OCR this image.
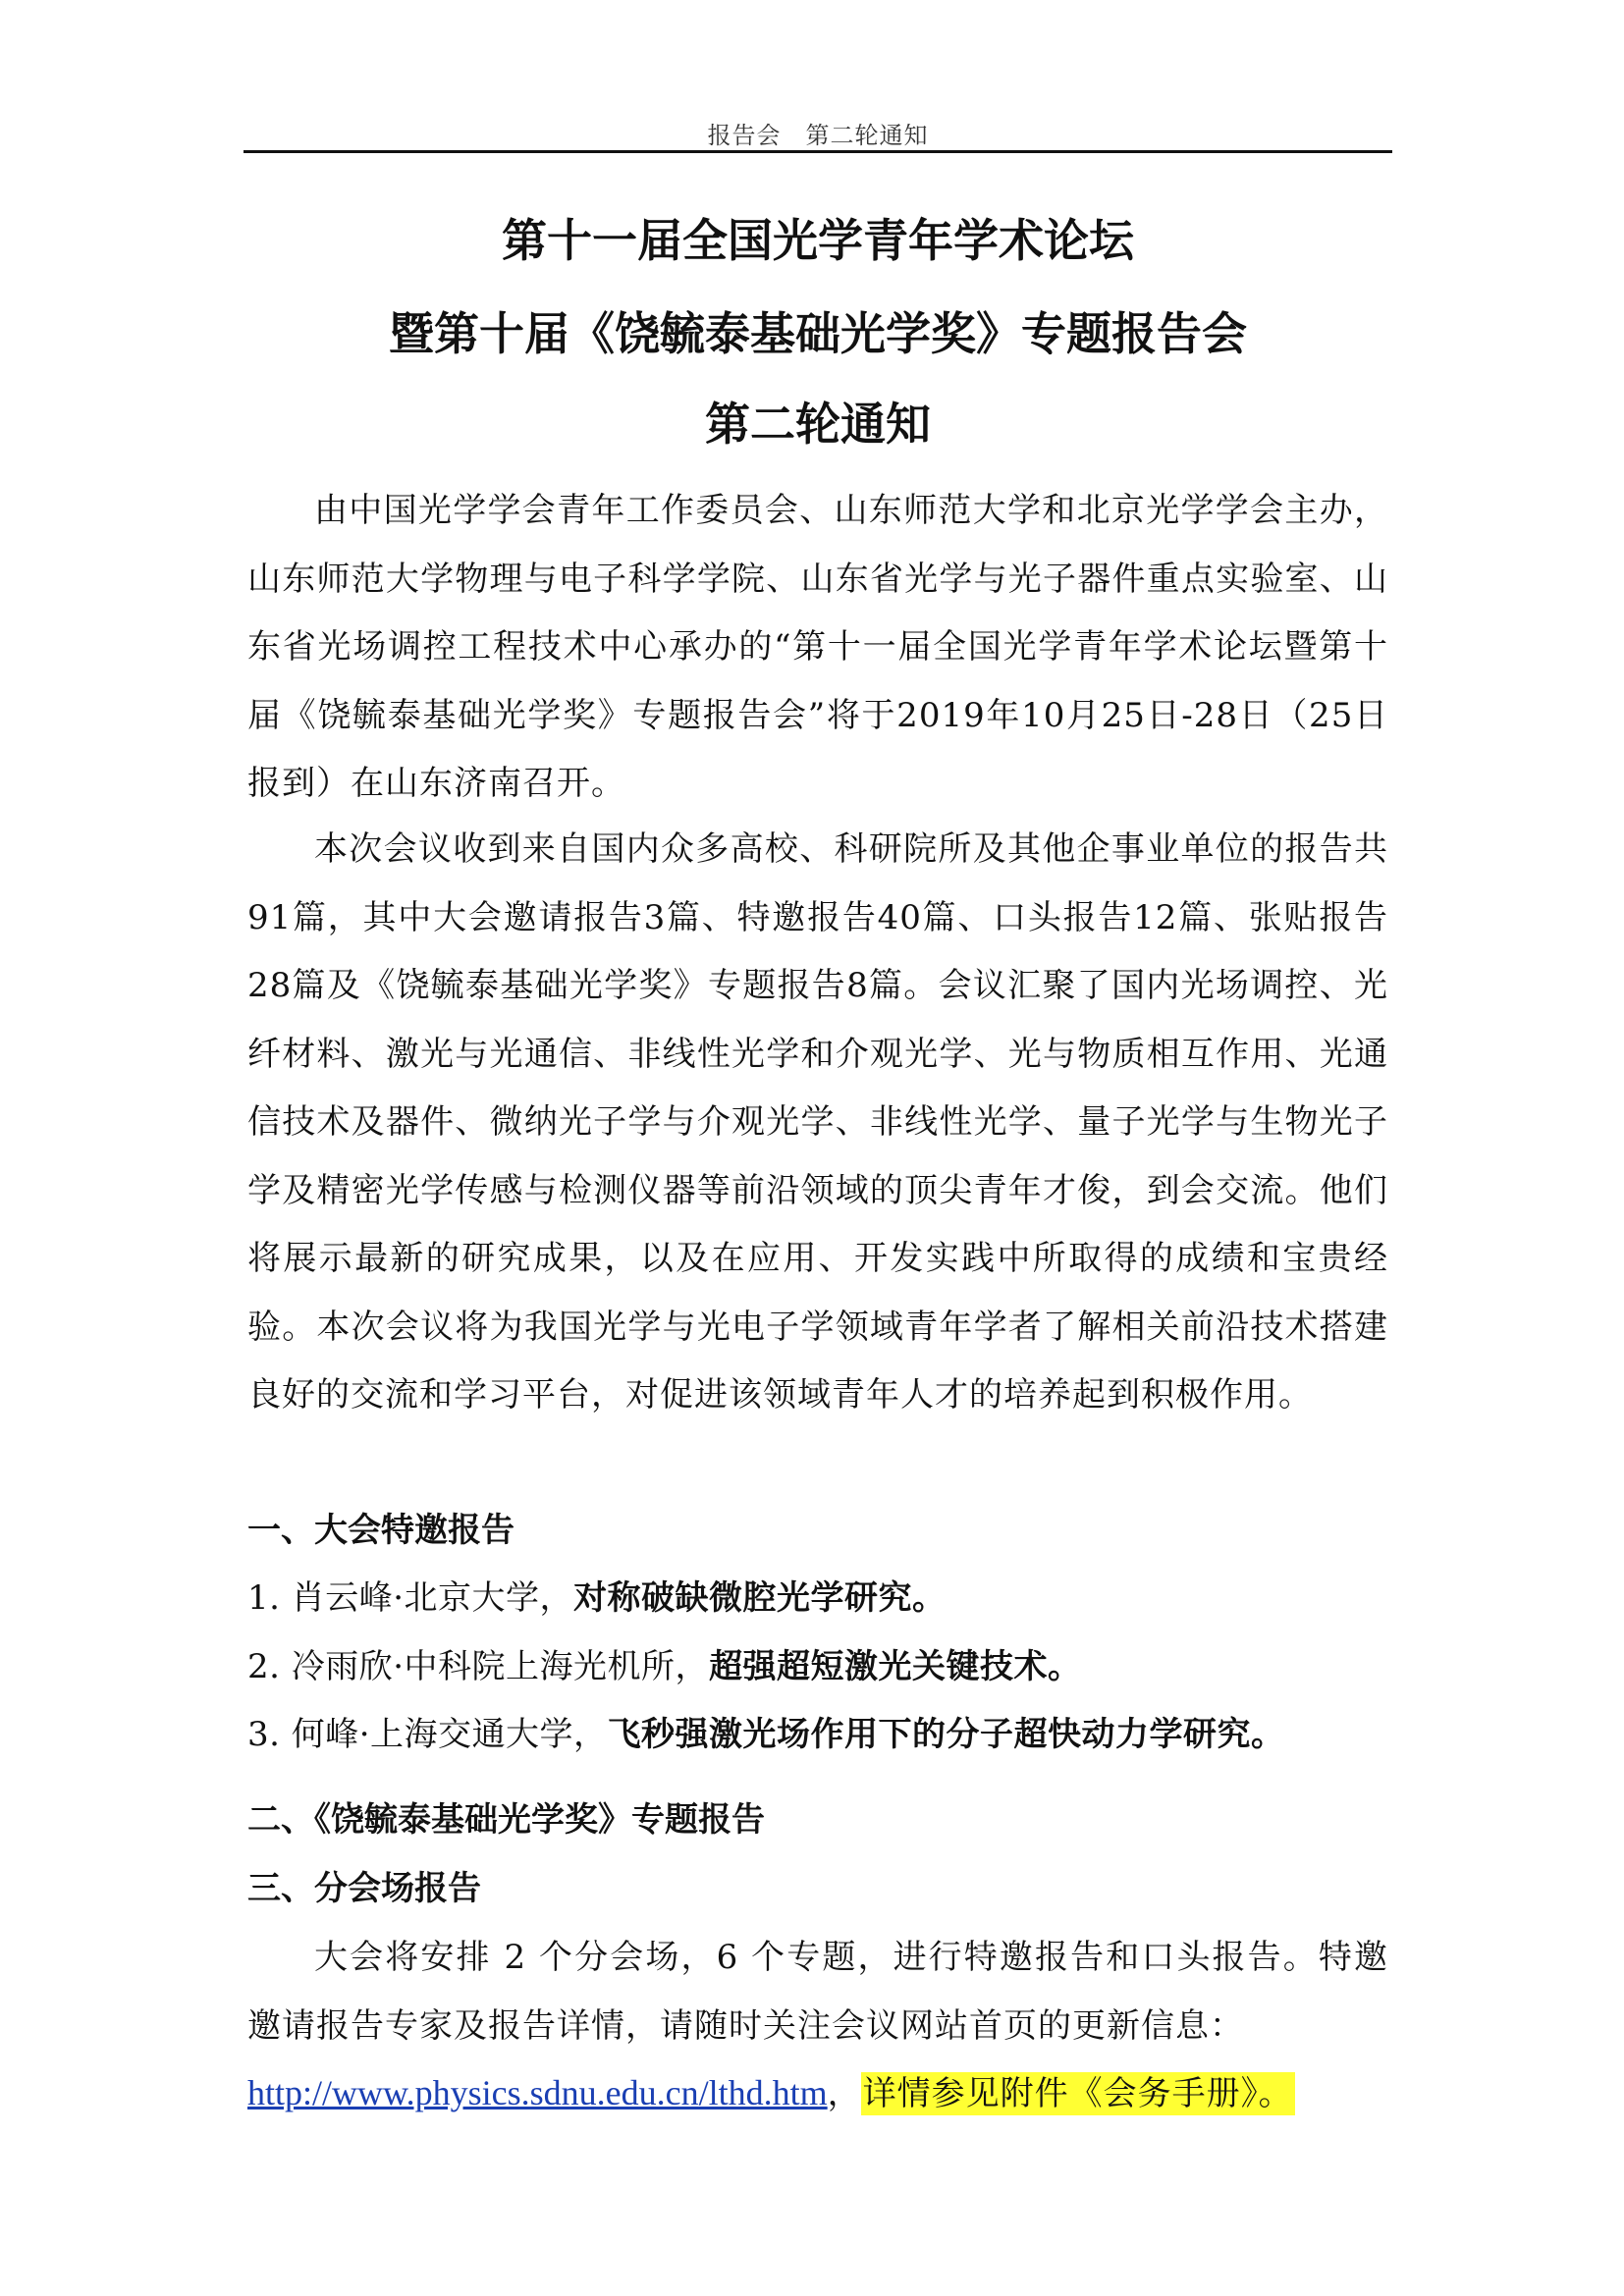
报告会　第二轮通知
第十一届全国光学青年学术论坛
暨第十届《饶毓泰基础光学奖》专题报告会
第二轮通知

由中国光学学会青年工作委员会、山东师范大学和北京光学学会主办，山东师范大学物理与电子科学学院、山东省光学与光子器件重点实验室、山东省光场调控工程技术中心承办的“第十一届全国光学青年学术论坛暨第十届《饶毓泰基础光学奖》专题报告会”将于2019年10月25日-28日（25日报到）在山东济南召开。

本次会议收到来自国内众多高校、科研院所及其他企事业单位的报告共91篇，其中大会邀请报告3篇、特邀报告40篇、口头报告12篇、张贴报告28篇及《饶毓泰基础光学奖》专题报告8篇。会议汇聚了国内光场调控、光纤材料、激光与光通信、非线性光学和介观光学、光与物质相互作用、光通信技术及器件、微纳光子学与介观光学、非线性光学、量子光学与生物光子学及精密光学传感与检测仪器等前沿领域的顶尖青年才俊，到会交流。他们将展示最新的研究成果，以及在应用、开发实践中所取得的成绩和宝贵经验。本次会议将为我国光学与光电子学领域青年学者了解相关前沿技术搭建良好的交流和学习平台，对促进该领域青年人才的培养起到积极作用。

一、大会特邀报告
1. 肖云峰·北京大学，对称破缺微腔光学研究。
2. 冷雨欣·中科院上海光机所，超强超短激光关键技术。
3. 何峰·上海交通大学，飞秒强激光场作用下的分子超快动力学研究。
二、《饶毓泰基础光学奖》专题报告
三、分会场报告

大会将安排 2 个分会场，6 个专题，进行特邀报告和口头报告。特邀邀请报告专家及报告详情，请随时关注会议网站首页的更新信息：

http://www.physics.sdnu.edu.cn/lthd.htm，详情参见附件《会务手册》。
